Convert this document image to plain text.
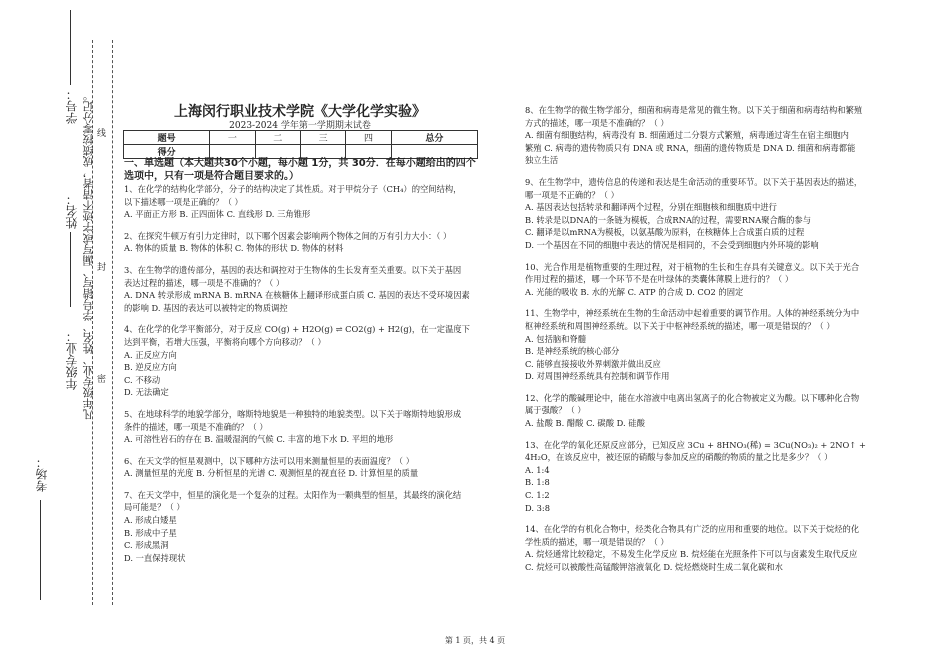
学号：
姓名：
年级专业：
考场：
凡年级专业、姓名、学号错写、漏写或字迹不清者，成绩按零分记。 密
封
线
上海闵行职业技术学院《大学化学实验》
2023-2024 学年第一学期期末试卷
题号	一	二	三	四	总分
得分					
一、单选题（本大题共30个小题，每小题 1分，共 30分．在每小题给出的四个
选项中，只有一项是符合题目要求的。）
1、在化学的结构化学部分，分子的结构决定了其性质。对于甲烷分子（CH₄）的空间结构，
以下描述哪一项是正确的？（ ）
A. 平面正方形 B. 正四面体 C. 直线形 D. 三角锥形
2、在探究牛顿万有引力定律时，以下哪个因素会影响两个物体之间的万有引力大小：（ ）
A. 物体的质量 B. 物体的体积 C. 物体的形状 D. 物体的材料
3、在生物学的遗传部分，基因的表达和调控对于生物体的生长发育至关重要。以下关于基因
表达过程的描述，哪一项是不准确的？（ ）
A. DNA 转录形成 mRNA B. mRNA 在核糖体上翻译形成蛋白质 C. 基因的表达不受环境因素
的影响 D. 基因的表达可以被特定的物质调控
4、在化学的化学平衡部分，对于反应 CO(g) + H2O(g) ⇌ CO2(g) + H2(g)，在一定温度下
达到平衡，若增大压强，平衡将向哪个方向移动？（ ）
A. 正反应方向
B. 逆反应方向
C. 不移动
D. 无法确定
5、在地球科学的地貌学部分，喀斯特地貌是一种独特的地貌类型。以下关于喀斯特地貌形成
条件的描述，哪一项是不准确的？（ ）
A. 可溶性岩石的存在 B. 温暖湿润的气候 C. 丰富的地下水 D. 平坦的地形
6、在天文学的恒星观测中，以下哪种方法可以用来测量恒星的表面温度？（ ）
A. 测量恒星的光度 B. 分析恒星的光谱 C. 观测恒星的视直径 D. 计算恒星的质量
7、在天文学中，恒星的演化是一个复杂的过程。太阳作为一颗典型的恒星，其最终的演化结
局可能是？（ ）
A. 形成白矮星
B. 形成中子星
C. 形成黑洞
D. 一直保持现状
8、在生物学的微生物学部分，细菌和病毒是常见的微生物。以下关于细菌和病毒结构和繁殖
方式的描述，哪一项是不准确的？（ ）
A. 细菌有细胞结构，病毒没有 B. 细菌通过二分裂方式繁殖，病毒通过寄生在宿主细胞内
繁殖 C. 病毒的遗传物质只有 DNA 或 RNA，细菌的遗传物质是 DNA D. 细菌和病毒都能
独立生活
9、在生物学中，遗传信息的传递和表达是生命活动的重要环节。以下关于基因表达的描述，
哪一项是不正确的？（ ）
A. 基因表达包括转录和翻译两个过程，分别在细胞核和细胞质中进行
B. 转录是以DNA的一条链为模板，合成RNA的过程，需要RNA聚合酶的参与
C. 翻译是以mRNA为模板，以氨基酸为原料，在核糖体上合成蛋白质的过程
D. 一个基因在不同的细胞中表达的情况是相同的，不会受到细胞内外环境的影响
10、光合作用是植物重要的生理过程，对于植物的生长和生存具有关键意义。以下关于光合
作用过程的描述，哪一个环节不是在叶绿体的类囊体薄膜上进行的？（ ）
A. 光能的吸收 B. 水的光解 C. ATP 的合成 D. CO2 的固定
11、生物学中，神经系统在生物的生命活动中起着重要的调节作用。人体的神经系统分为中
枢神经系统和周围神经系统。以下关于中枢神经系统的描述，哪一项是错误的？（ ）
A. 包括脑和脊髓
B. 是神经系统的核心部分
C. 能够直接接收外界刺激并做出反应
D. 对周围神经系统具有控制和调节作用
12、化学的酸碱理论中，能在水溶液中电离出氢离子的化合物被定义为酸。以下哪种化合物
属于强酸？（ ）
A. 盐酸 B. 醋酸 C. 碳酸 D. 硅酸
13、在化学的氧化还原反应部分，已知反应 3Cu + 8HNO₃(稀) = 3Cu(NO₃)₂ + 2NO↑ +
4H₂O，在该反应中，被还原的硝酸与参加反应的硝酸的物质的量之比是多少？（ ）
A. 1:4
B. 1:8
C. 1:2
D. 3:8
14、在化学的有机化合物中，烃类化合物具有广泛的应用和重要的地位。以下关于烷烃的化
学性质的描述，哪一项是错误的？（ ）
A. 烷烃通常比较稳定，不易发生化学反应 B. 烷烃能在光照条件下可以与卤素发生取代反应
C. 烷烃可以被酸性高锰酸钾溶液氧化 D. 烷烃燃烧时生成二氧化碳和水
第 1 页，共 4 页
